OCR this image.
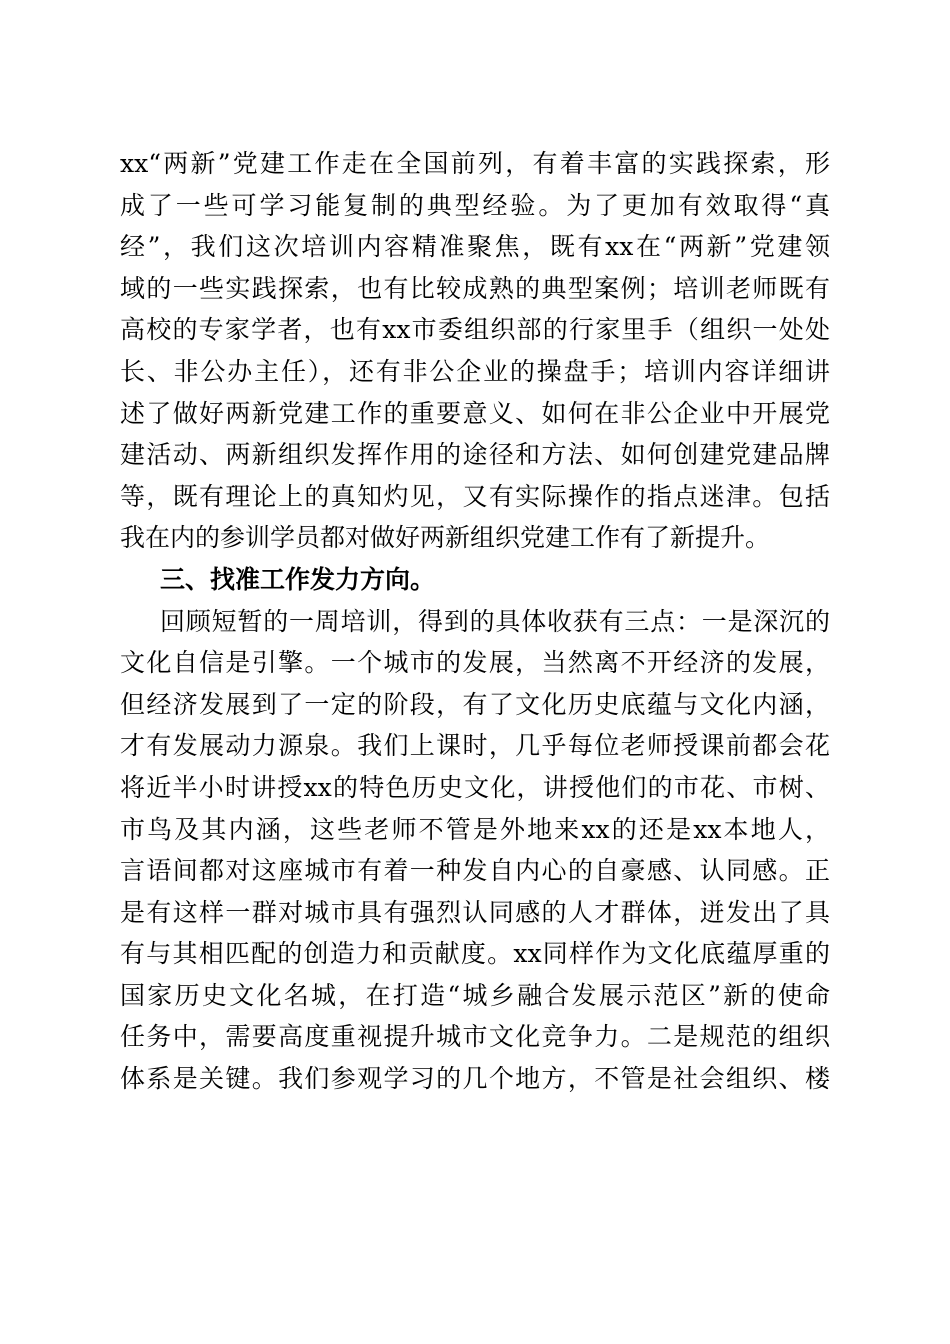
xx“两新”党建工作走在全国前列，有着丰富的实践探索，形
成了一些可学习能复制的典型经验。为了更加有效取得“真
经”，我们这次培训内容精准聚焦，既有xx在“两新”党建领
域的一些实践探索，也有比较成熟的典型案例；培训老师既有
高校的专家学者，也有xx市委组织部的行家里手（组织一处处
长、非公办主任），还有非公企业的操盘手；培训内容详细讲
述了做好两新党建工作的重要意义、如何在非公企业中开展党
建活动、两新组织发挥作用的途径和方法、如何创建党建品牌
等，既有理论上的真知灼见，又有实际操作的指点迷津。包括
我在内的参训学员都对做好两新组织党建工作有了新提升。
三、找准工作发力方向。
回顾短暂的一周培训，得到的具体收获有三点：一是深沉的
文化自信是引擎。一个城市的发展，当然离不开经济的发展，
但经济发展到了一定的阶段，有了文化历史底蕴与文化内涵，
才有发展动力源泉。我们上课时，几乎每位老师授课前都会花
将近半小时讲授xx的特色历史文化，讲授他们的市花、市树、
市鸟及其内涵，这些老师不管是外地来xx的还是xx本地人，
言语间都对这座城市有着一种发自内心的自豪感、认同感。正
是有这样一群对城市具有强烈认同感的人才群体，迸发出了具
有与其相匹配的创造力和贡献度。xx同样作为文化底蕴厚重的
国家历史文化名城，在打造“城乡融合发展示范区”新的使命
任务中，需要高度重视提升城市文化竞争力。二是规范的组织
体系是关键。我们参观学习的几个地方，不管是社会组织、楼
